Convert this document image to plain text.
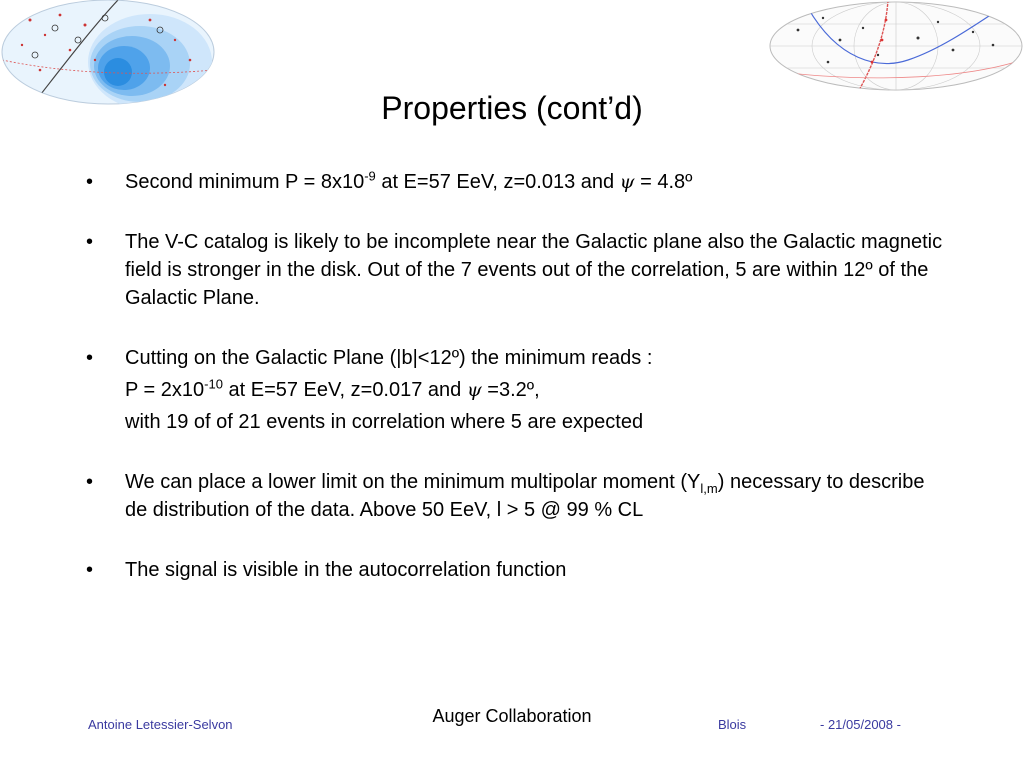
Properties (cont’d)
• Second minimum $P = 8x10^{-9}$ at E=57 EeV, z=0.013 and ψ = 4.8º
• The V-C catalog is likely to be incomplete near the Galactic plane also the Galactic magnetic field is stronger in the disk. Out of the 7 events out of the correlation, 5 are within 12º of the Galactic Plane.
• Cutting on the Galactic Plane (|b|<12º) the minimum reads :
$P = 2x10^{-10}$ at E=57 EeV, z=0.017 and ψ =3.2º,
with 19 of of 21 events in correlation where 5 are expected
• We can place a lower limit on the minimum multipolar moment $(Y_{l,m})$ necessary to describe de distribution of the data. Above 50 EeV, l > 5 @ 99 % CL
• The signal is visible in the autocorrelation function
Antoine Letessier-Selvon	Auger Collaboration	Blois	- 21/05/2008 -
